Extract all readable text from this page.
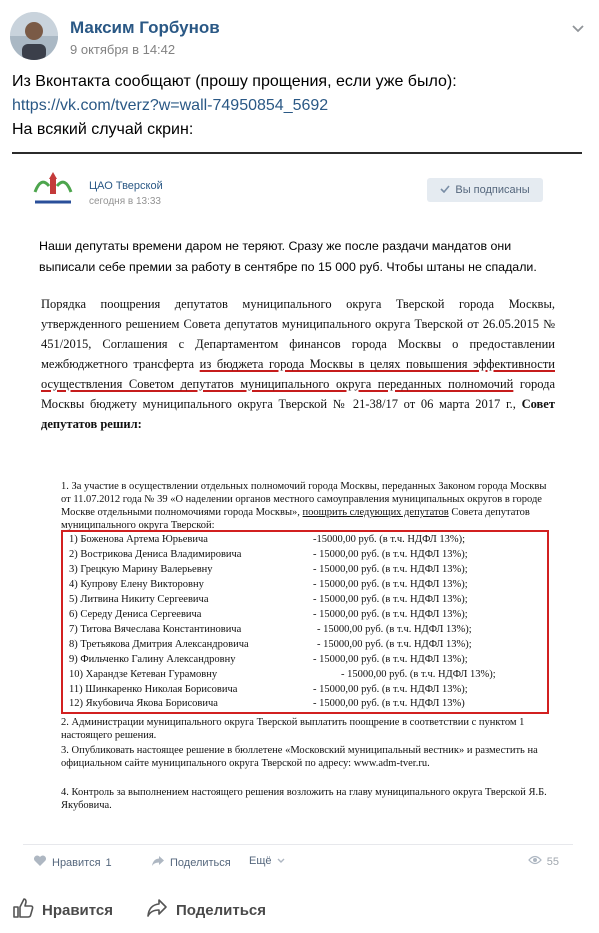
Максим Горбунов
9 октября в 14:42
Из Вконтакта сообщают (прошу прощения, если уже было):
https://vk.com/tverz?w=wall-74950854_5692
На всякий случай скрин:
ЦАО Тверской
сегодня в 13:33
Вы подписаны
Наши депутаты времени даром не теряют. Сразу же после раздачи мандатов они выписали себе премии за работу в сентябре по 15 000 руб. Чтобы штаны не спадали.
Порядка поощрения депутатов муниципального округа Тверской города Москвы, утвержденного решением Совета депутатов муниципального округа Тверской от 26.05.2015 № 451/2015, Соглашения с Департаментом финансов города Москвы о предоставлении межбюджетного трансферта из бюджета города Москвы в целях повышения эффективности осуществления Советом депутатов муниципального округа переданных полномочий города Москвы бюджету муниципального округа Тверской № 21-38/17 от 06 марта 2017 г., Совет депутатов решил:
1. За участие в осуществлении отдельных полномочий города Москвы, переданных Законом города Москвы от 11.07.2012 года № 39 «О наделении органов местного самоуправления муниципальных округов в городе Москве отдельными полномочиями города Москвы», поощрить следующих депутатов Совета депутатов муниципального округа Тверской:
1) Боженова Артема Юрьевича	-15000,00 руб. (в т.ч. НДФЛ 13%);
2) Вострикова Дениса Владимировича	- 15000,00 руб. (в т.ч. НДФЛ 13%);
3) Грецкую Марину Валерьевну	- 15000,00 руб. (в т.ч. НДФЛ 13%);
4) Купрову Елену Викторовну	- 15000,00 руб. (в т.ч. НДФЛ 13%);
5) Литвина Никиту Сергеевича	- 15000,00 руб. (в т.ч. НДФЛ 13%);
6) Середу Дениса Сергеевича	- 15000,00 руб. (в т.ч. НДФЛ 13%);
7) Титова Вячеслава Константиновича	- 15000,00 руб. (в т.ч. НДФЛ 13%);
8) Третьякова Дмитрия Александровича	- 15000,00 руб. (в т.ч. НДФЛ 13%);
9) Фильченко Галину Александровну	- 15000,00 руб. (в т.ч. НДФЛ 13%);
10) Харандзе Кетеван Гурамовну	- 15000,00 руб. (в т.ч. НДФЛ 13%);
11) Шинкаренко Николая Борисовича	- 15000,00 руб. (в т.ч. НДФЛ 13%);
12) Якубовича Якова Борисовича	- 15000,00 руб. (в т.ч. НДФЛ 13%)
2. Администрации муниципального округа Тверской выплатить поощрение в соответствии с пунктом 1 настоящего решения.
3. Опубликовать настоящее решение в бюллетене «Московский муниципальный вестник» и разместить на официальном сайте муниципального округа Тверской по адресу: www.adm-tver.ru.
4. Контроль за выполнением настоящего решения возложить на главу муниципального округа Тверской Я.Б. Якубовича.
Нравится 1	Поделиться Ещё	55
Нравится	Поделиться
